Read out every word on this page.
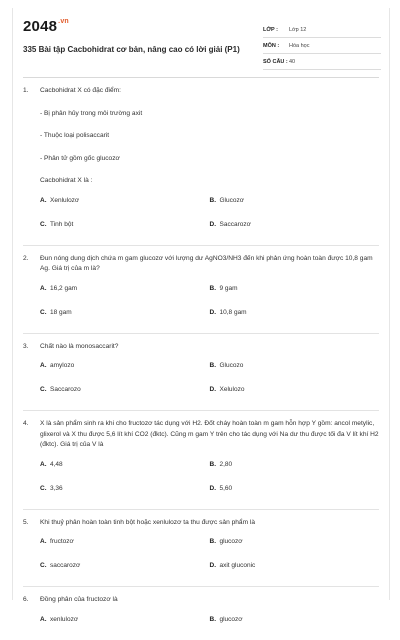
$2048^{.vn}$
335 Bài tập Cacbohidrat cơ bản, nâng cao có lời giải (P1)
LỚP :	Lớp 12
MÔN :	Hóa học
SỐ CÂU : 40
1.	Cacbohidrat X có đặc điểm:
- Bị phân hủy trong môi trường axit
- Thuộc loại polisaccarit
- Phân tử gồm gốc glucozơ
Cacbohidrat X là :
A. Xenlulozơ	B. Glucozơ
C. Tinh bột	D. Saccarozơ
2.	Đun nóng dung dịch chứa m gam glucozơ với lượng dư AgNO3/NH3 đến khi phản ứng hoàn toàn được 10,8 gam Ag. Giá trị của m là?
A. 16,2 gam	B. 9 gam
C. 18 gam	D. 10,8 gam
3.	Chất nào là monosaccarit?
A. amylozo	B. Glucozo
C. Saccarozo	D. Xelulozo
4.	X là sản phẩm sinh ra khi cho fructozơ tác dụng với H2. Đốt cháy hoàn toàn m gam hỗn hợp Y gồm: ancol metylic, glixerol và X thu được 5,6 lít khí CO2 (đktc). Cũng m gam Y trên cho tác dụng với Na dư thu được tối đa V lít khí H2 (đktc). Giá trị của V là
A. 4,48	B. 2,80
C. 3,36	D. 5,60
5.	Khi thuỷ phân hoàn toàn tinh bột hoặc xenlulozơ ta thu được sản phẩm là
A. fructozơ	B. glucozơ
C. saccarozơ	D. axit gluconic
6.	Đồng phân của fructozơ là
A. xenlulozơ	B. glucozơ
